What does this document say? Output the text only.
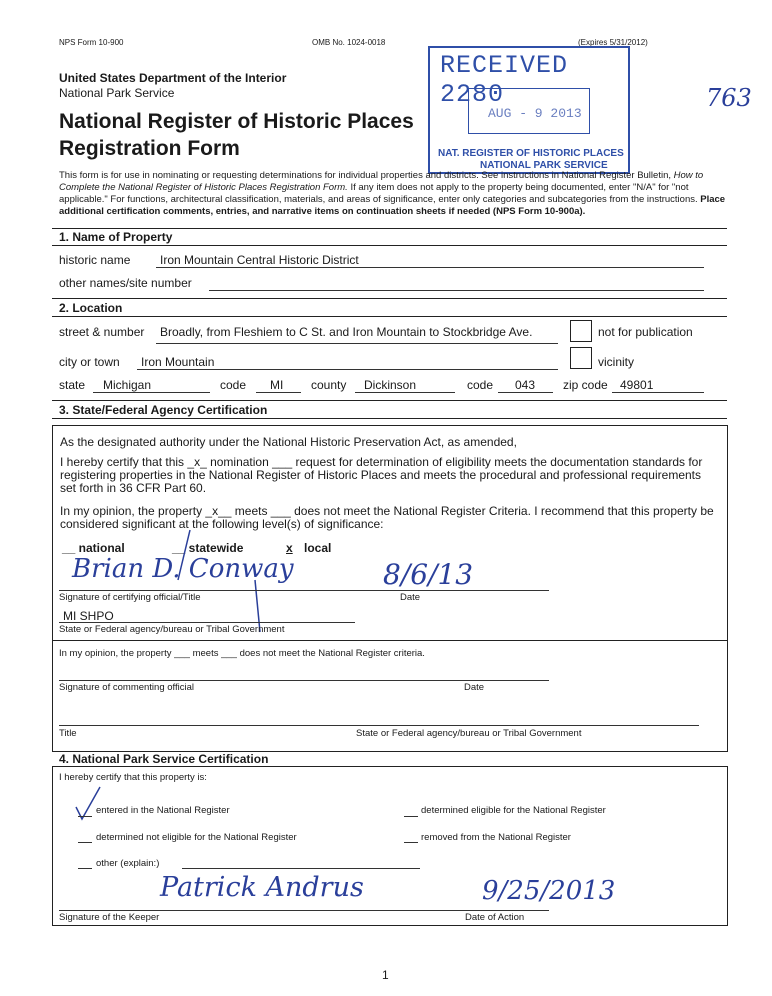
NPS Form 10-900	OMB No. 1024-0018	(Expires 5/31/2012)
United States Department of the Interior
National Park Service
National Register of Historic Places
Registration Form
763
RECEIVED 2280
AUG - 9 2013
NAT. REGISTER OF HISTORIC PLACES
NATIONAL PARK SERVICE
This form is for use in nominating or requesting determinations for individual properties and districts. See instructions in National Register Bulletin, How to Complete the National Register of Historic Places Registration Form. If any item does not apply to the property being documented, enter "N/A" for "not applicable." For functions, architectural classification, materials, and areas of significance, enter only categories and subcategories from the instructions. Place additional certification comments, entries, and narrative items on continuation sheets if needed (NPS Form 10-900a).
1. Name of Property
historic name Iron Mountain Central Historic District
other names/site number
2. Location
street & number Broadly, from Fleshiem to C St. and Iron Mountain to Stockbridge Ave.	not for publication
city or town Iron Mountain	vicinity
state Michigan	code MI county Dickinson	code 043 zip code 49801
3. State/Federal Agency Certification
As the designated authority under the National Historic Preservation Act, as amended,
I hereby certify that this _x_ nomination ___ request for determination of eligibility meets the documentation standards for registering properties in the National Register of Historic Places and meets the procedural and professional requirements set forth in 36 CFR Part 60.
In my opinion, the property _x__ meets ___ does not meet the National Register Criteria. I recommend that this property be considered significant at the following level(s) of significance:
__ national	__ statewide	x local
Brian D. Conway	8/6/13
Signature of certifying official/Title	Date
MI SHPO
State or Federal agency/bureau or Tribal Government
In my opinion, the property ___ meets ___ does not meet the National Register criteria.
Signature of commenting official	Date
Title	State or Federal agency/bureau or Tribal Government
4. National Park Service Certification
I hereby certify that this property is:
entered in the National Register	determined eligible for the National Register
determined not eligible for the National Register	removed from the National Register
other (explain:)
Patrick Andrus	9/25/2013
Signature of the Keeper	Date of Action
1
